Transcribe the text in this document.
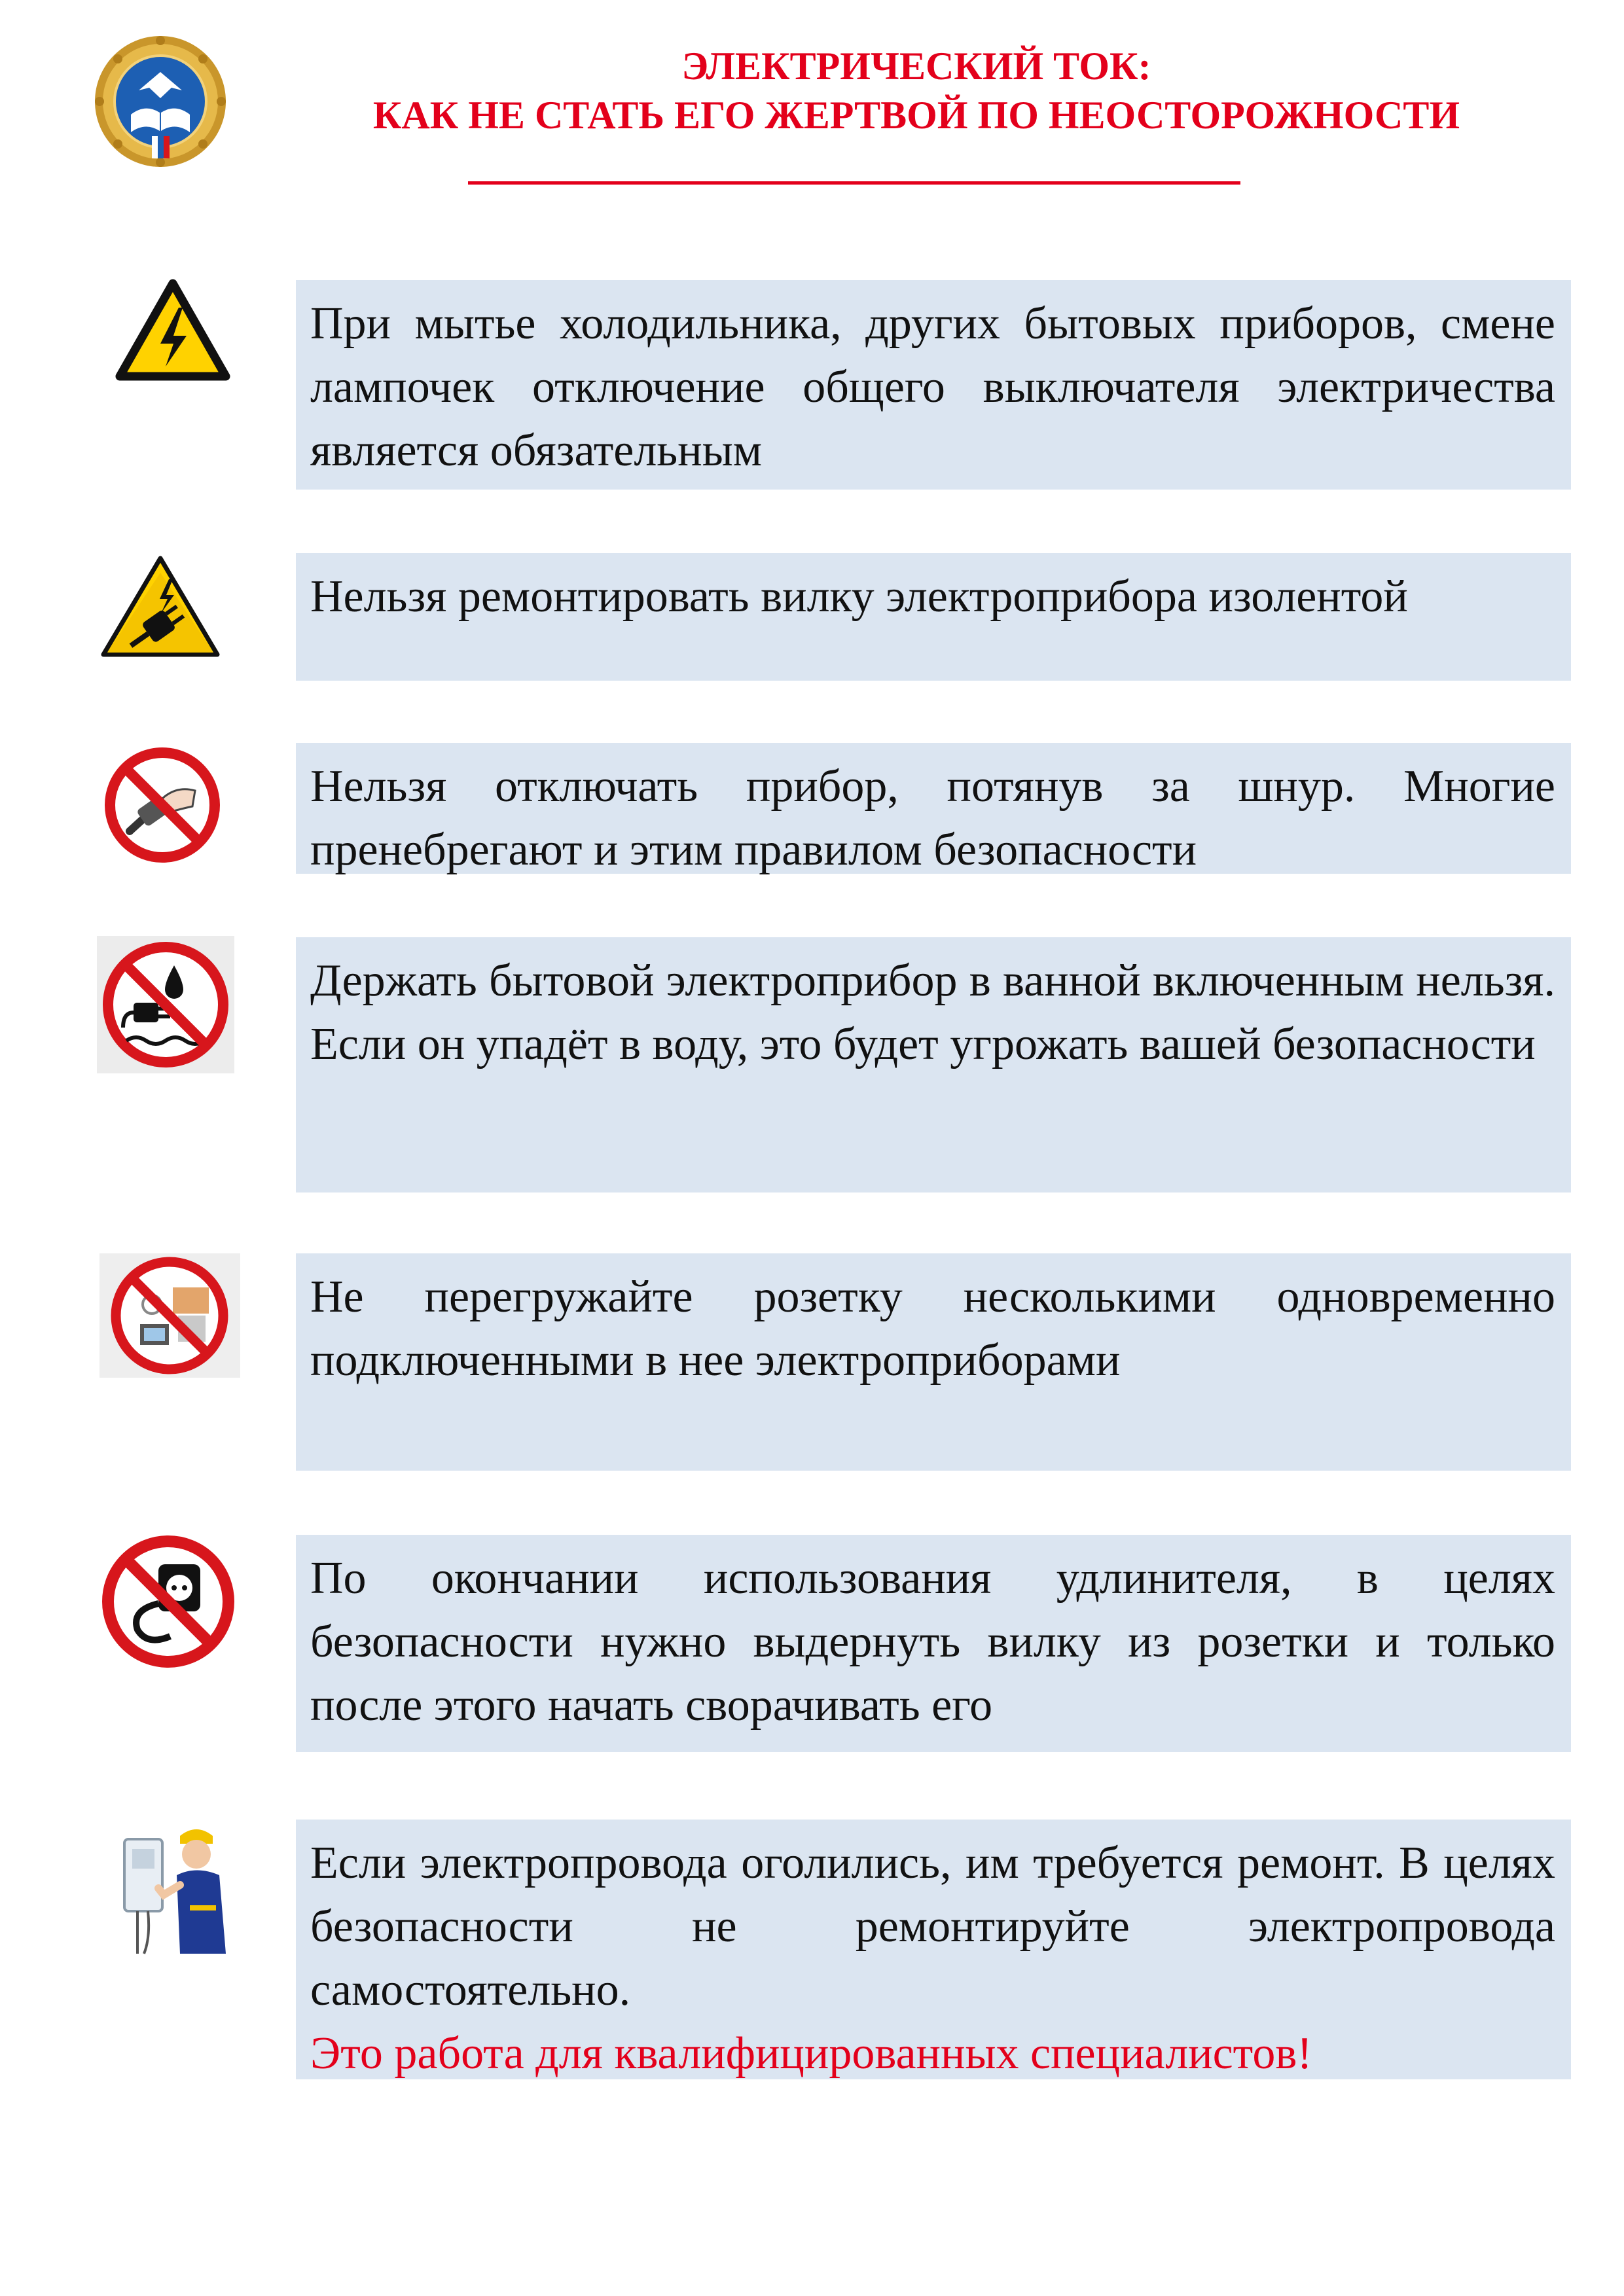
ЭЛЕКТРИЧЕСКИЙ ТОК:
КАК НЕ СТАТЬ ЕГО ЖЕРТВОЙ ПО НЕОСТОРОЖНОСТИ
При мытье холодильника, других бытовых приборов, смене лампочек отключение общего выключателя электричества является обязательным
Нельзя ремонтировать вилку электроприбора изолентой
Нельзя отключать прибор, потянув за шнур. Многие пренебрегают и этим правилом безопасности
Держать бытовой электроприбор в ванной включенным нельзя. Если он упадёт в воду, это будет угрожать вашей безопасности
Не перегружайте розетку несколькими одновременно подключенными в нее электроприборами
По окончании использования удлинителя, в целях безопасности нужно выдернуть вилку из розетки и только после этого начать сворачивать его
Если электропровода оголились, им требуется ремонт. В целях безопасности не ремонтируйте электропровода самостоятельно.
Это работа для квалифицированных специалистов!
